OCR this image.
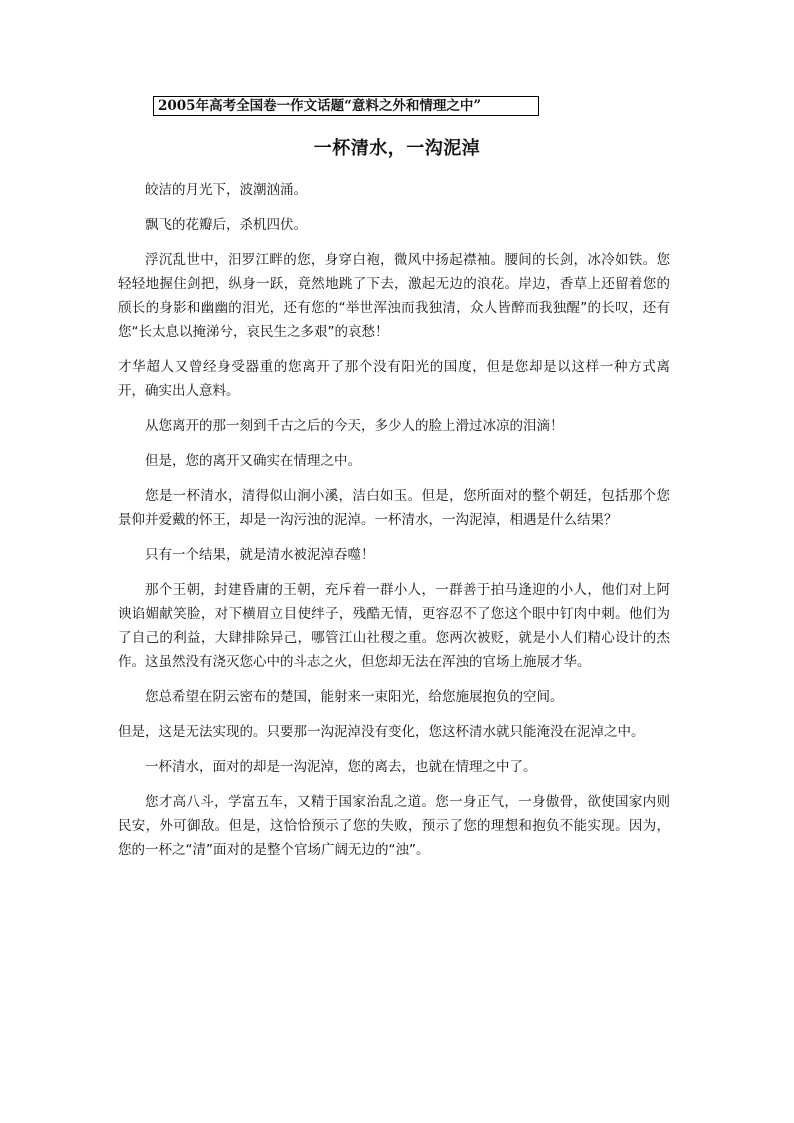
2005年高考全国卷一作文话题“意料之外和情理之中”
一杯清水，一沟泥淖

皎洁的月光下，波潮汹涌。

飘飞的花瓣后，杀机四伏。

浮沉乱世中，汨罗江畔的您，身穿白袍，微风中扬起襟袖。腰间的长剑，冰冷如铁。您轻轻地握住剑把，纵身一跃，竟然地跳了下去，激起无边的浪花。岸边，香草上还留着您的颀长的身影和幽幽的泪光，还有您的“举世浑浊而我独清，众人皆醉而我独醒”的长叹，还有您“长太息以掩涕兮，哀民生之多艰”的哀愁！

才华超人又曾经身受器重的您离开了那个没有阳光的国度，但是您却是以这样一种方式离开，确实出人意料。

从您离开的那一刻到千古之后的今天，多少人的脸上滑过冰凉的泪滴！

但是，您的离开又确实在情理之中。

您是一杯清水，清得似山涧小溪，洁白如玉。但是，您所面对的整个朝廷，包括那个您景仰并爱戴的怀王，却是一沟污浊的泥淖。一杯清水，一沟泥淖，相遇是什么结果？

只有一个结果，就是清水被泥淖吞噬！

那个王朝，封建昏庸的王朝，充斥着一群小人，一群善于拍马逢迎的小人，他们对上阿谀谄媚献笑脸，对下横眉立目使绊子，残酷无情，更容忍不了您这个眼中钉肉中刺。他们为了自己的利益，大肆排除异己，哪管江山社稷之重。您两次被贬，就是小人们精心设计的杰作。这虽然没有浇灭您心中的斗志之火，但您却无法在浑浊的官场上施展才华。

您总希望在阴云密布的楚国，能射来一束阳光，给您施展抱负的空间。

但是，这是无法实现的。只要那一沟泥淖没有变化，您这杯清水就只能淹没在泥淖之中。

一杯清水，面对的却是一沟泥淖，您的离去，也就在情理之中了。

您才高八斗，学富五车，又精于国家治乱之道。您一身正气，一身傲骨，欲使国家内则民安，外可御敌。但是，这恰恰预示了您的失败，预示了您的理想和抱负不能实现。因为，您的一杯之“清”面对的是整个官场广阔无边的“浊”。
